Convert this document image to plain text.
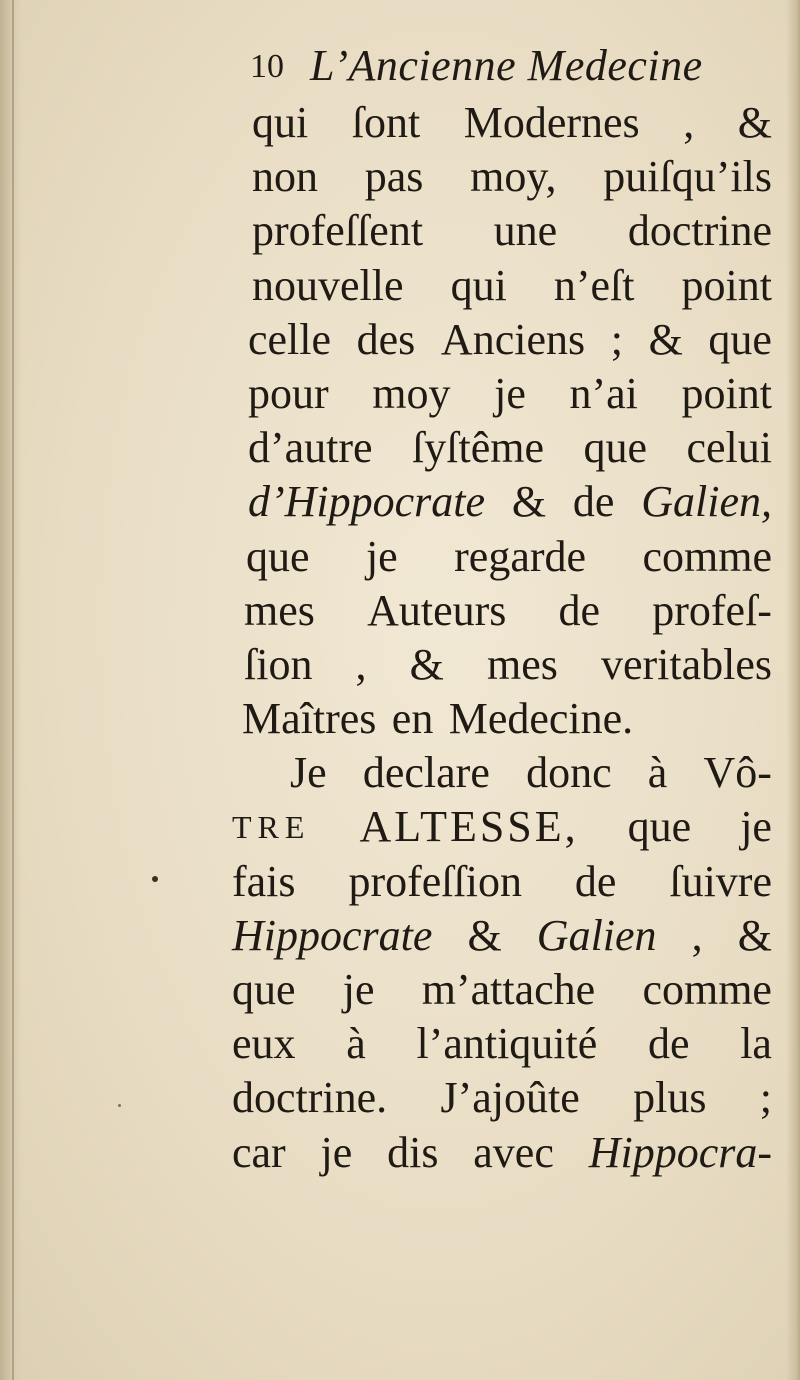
10 L’Ancienne Medecine
qui ſont Modernes , &
non pas moy, puiſqu’ils
profeſſent une doctrine
nouvelle qui n’eſt point
celle des Anciens ; & que
pour moy je n’ai point
d’autre ſyſtême que celui
d’Hippocrate & de Galien,
que je regarde comme
mes Auteurs de profeſ-
ſion , & mes veritables
Maîtres en Medecine.
Je declare donc à Vô-
TRE ALTESSE, que je
fais profeſſion de ſuivre
Hippocrate & Galien , &
que je m’attache comme
eux à l’antiquité de la
doctrine. J’ajoûte plus ;
car je dis avec Hippocra-
